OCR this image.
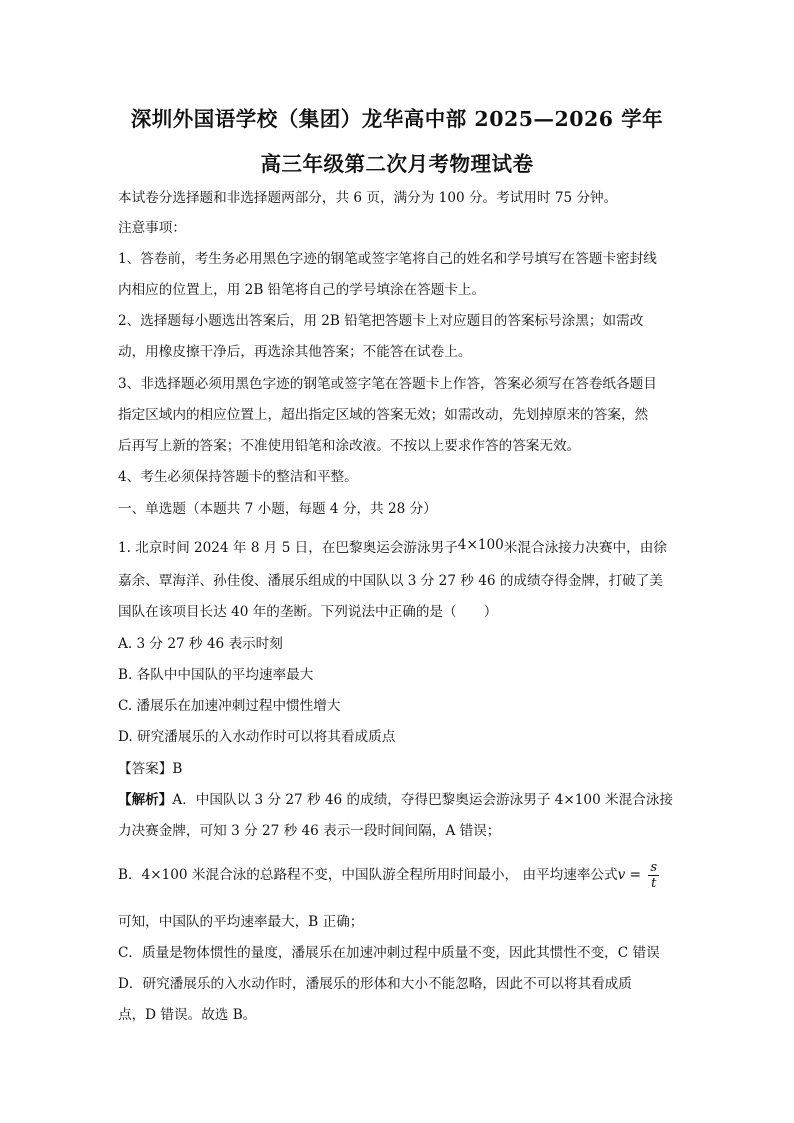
深圳外国语学校（集团）龙华高中部 2025—2026 学年
高三年级第二次月考物理试卷
本试卷分选择题和非选择题两部分，共 6 页，满分为 100 分。考试用时 75 分钟。
注意事项：
1、答卷前，考生务必用黑色字迹的钢笔或签字笔将自己的姓名和学号填写在答题卡密封线
内相应的位置上，用 2B 铅笔将自己的学号填涂在答题卡上。
2、选择题每小题选出答案后，用 2B 铅笔把答题卡上对应题目的答案标号涂黑；如需改
动，用橡皮擦干净后，再选涂其他答案；不能答在试卷上。
3、非选择题必须用黑色字迹的钢笔或签字笔在答题卡上作答，答案必须写在答卷纸各题目
指定区域内的相应位置上，超出指定区域的答案无效；如需改动，先划掉原来的答案，然
后再写上新的答案；不准使用铅笔和涂改液。不按以上要求作答的答案无效。
4、考生必须保持答题卡的整洁和平整。
一、单选题（本题共 7 小题，每题 4 分，共 28 分）
1. 北京时间 2024 年 8 月 5 日，在巴黎奥运会游泳男子4×100米混合泳接力决赛中，由徐
嘉余、覃海洋、孙佳俊、潘展乐组成的中国队以 3 分 27 秒 46 的成绩夺得金牌，打破了美
国队在该项目长达 40 年的垄断。下列说法中正确的是（　　）
A. 3 分 27 秒 46 表示时刻
B. 各队中中国队的平均速率最大
C. 潘展乐在加速冲刺过程中惯性增大
D. 研究潘展乐的入水动作时可以将其看成质点
【答案】B
【解析】A．中国队以 3 分 27 秒 46 的成绩，夺得巴黎奥运会游泳男子 4×100 米混合泳接
力决赛金牌，可知 3 分 27 秒 46 表示一段时间间隔，A 错误；
B．4×100 米混合泳的总路程不变，中国队游全程所用时间最小， 由平均速率公式$v = \frac{s}{t}$
可知，中国队的平均速率最大，B 正确；
C．质量是物体惯性的量度，潘展乐在加速冲刺过程中质量不变，因此其惯性不变，C 错误
D．研究潘展乐的入水动作时，潘展乐的形体和大小不能忽略，因此不可以将其看成质
点，D 错误。故选 B。
